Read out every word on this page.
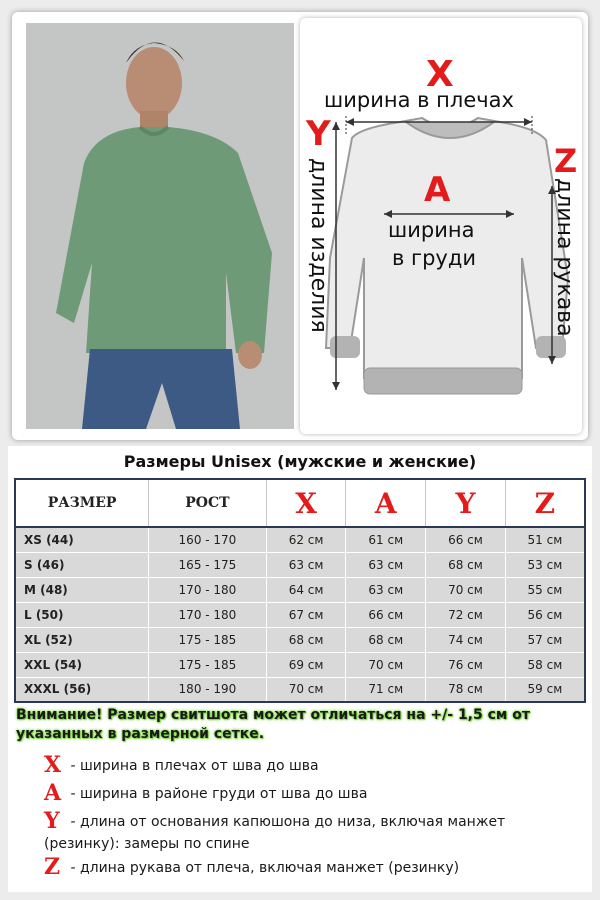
X
ширина в плечах
Y
длина изделия	A
ширина
в груди
Z
длина рукава
Размеры Unisex (мужские и женские)
РАЗМЕР	РОСТ	X	A	Y	Z
XS (44)	160 - 170	62 см	61 см	66 см	51 см
S (46)	165 - 175	63 см	63 см	68 см	53 см
M (48)	170 - 180	64 см	63 см	70 см	55 см
L (50)	170 - 180	67 см	66 см	72 см	56 см
XL (52)	175 - 185	68 см	68 см	74 см	57 см
XXL (54)	175 - 185	69 см	70 см	76 см	58 см
XXXL (56)	180 - 190	70 см	71 см	78 см	59 см
Внимание! Размер свитшота может отличаться на +/- 1,5 см от указанных в размерной сетке.
X - ширина в плечах от шва до шва
A - ширина в районе груди от шва до шва
Y - длина от основания капюшона до низа, включая манжет (резинку): замеры по спине
Z - длина рукава от плеча, включая манжет (резинку)
